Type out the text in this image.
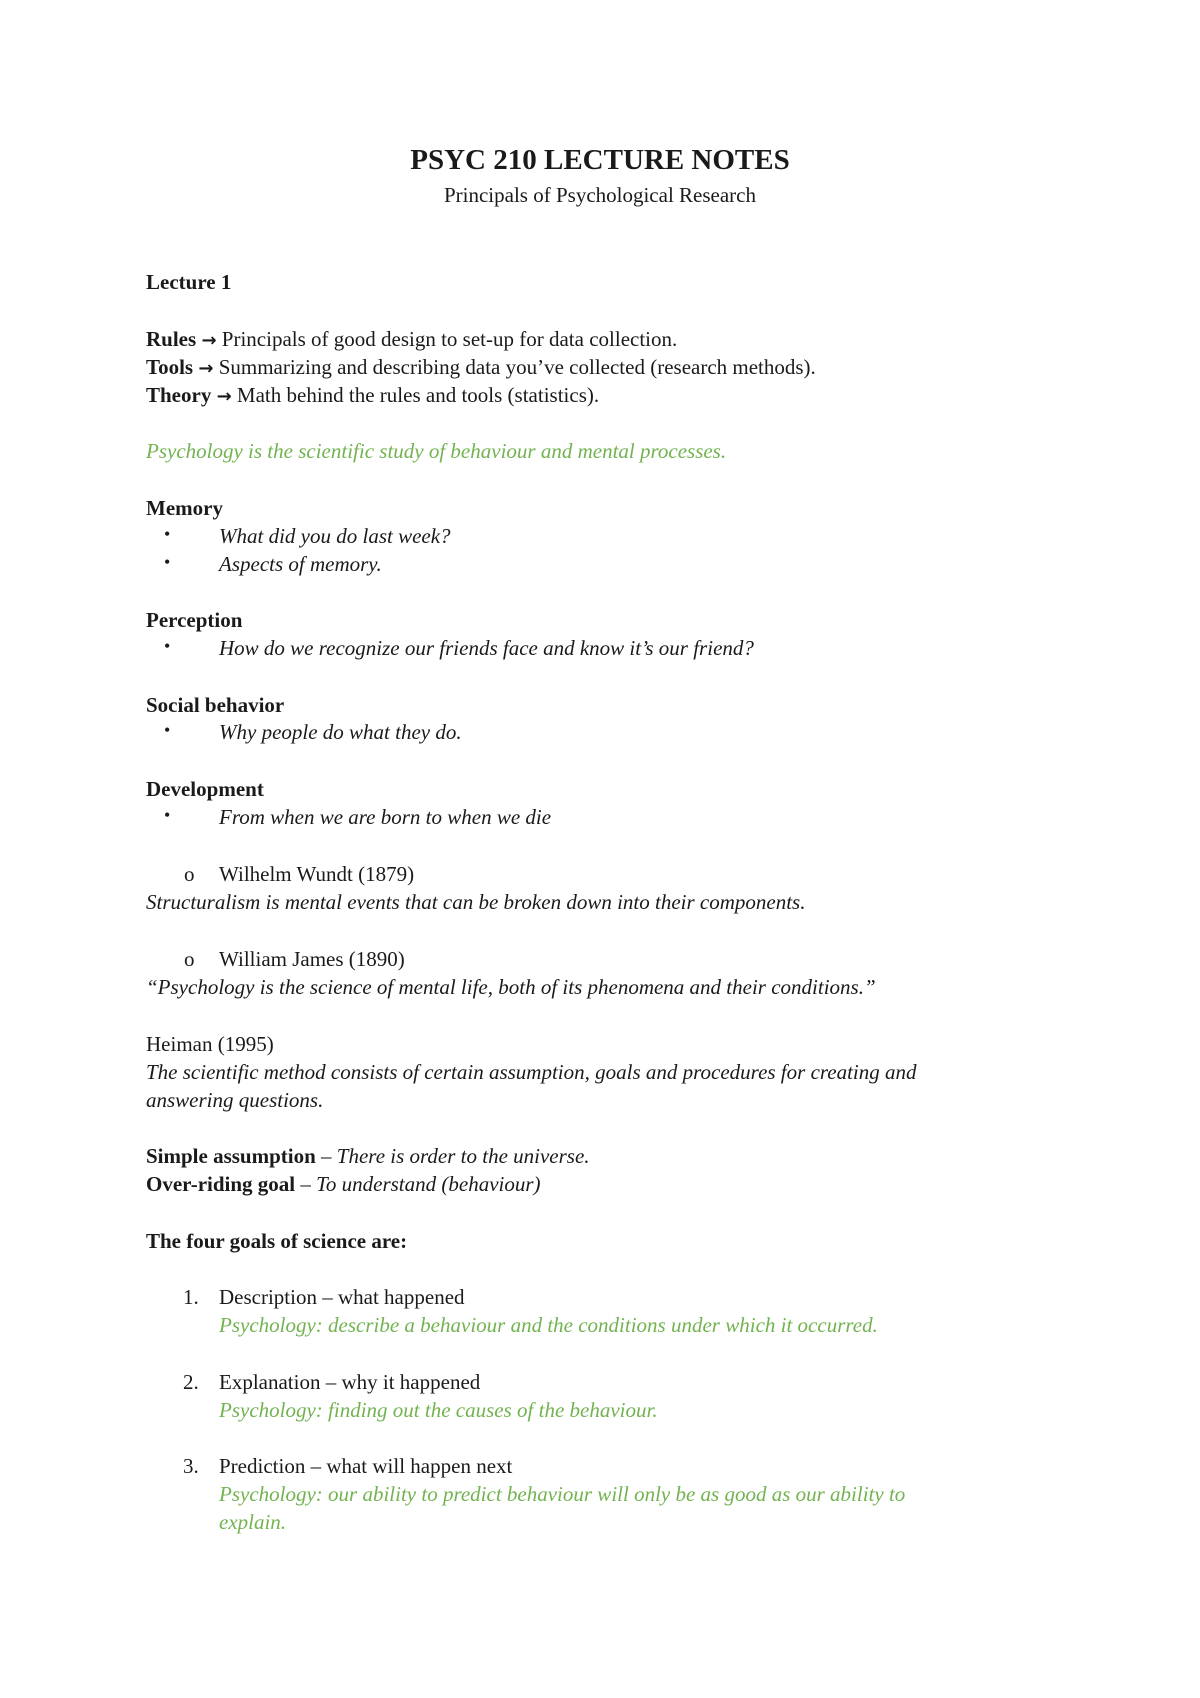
PSYC 210 LECTURE NOTES
Principals of Psychological Research
Lecture 1
Rules → Principals of good design to set-up for data collection.
Tools → Summarizing and describing data you’ve collected (research methods).
Theory → Math behind the rules and tools (statistics).
Psychology is the scientific study of behaviour and mental processes.
Memory
• What did you do last week?
• Aspects of memory.
Perception
• How do we recognize our friends face and know it’s our friend?
Social behavior
• Why people do what they do.
Development
• From when we are born to when we die
o Wilhelm Wundt (1879)
Structuralism is mental events that can be broken down into their components.
o William James (1890)
“Psychology is the science of mental life, both of its phenomena and their conditions.”
Heiman (1995)
The scientific method consists of certain assumption, goals and procedures for creating and
answering questions.
Simple assumption – There is order to the universe.
Over-riding goal – To understand (behaviour)
The four goals of science are:
1. Description – what happened
Psychology: describe a behaviour and the conditions under which it occurred.
2. Explanation – why it happened
Psychology: finding out the causes of the behaviour.
3. Prediction – what will happen next
Psychology: our ability to predict behaviour will only be as good as our ability to
explain.
